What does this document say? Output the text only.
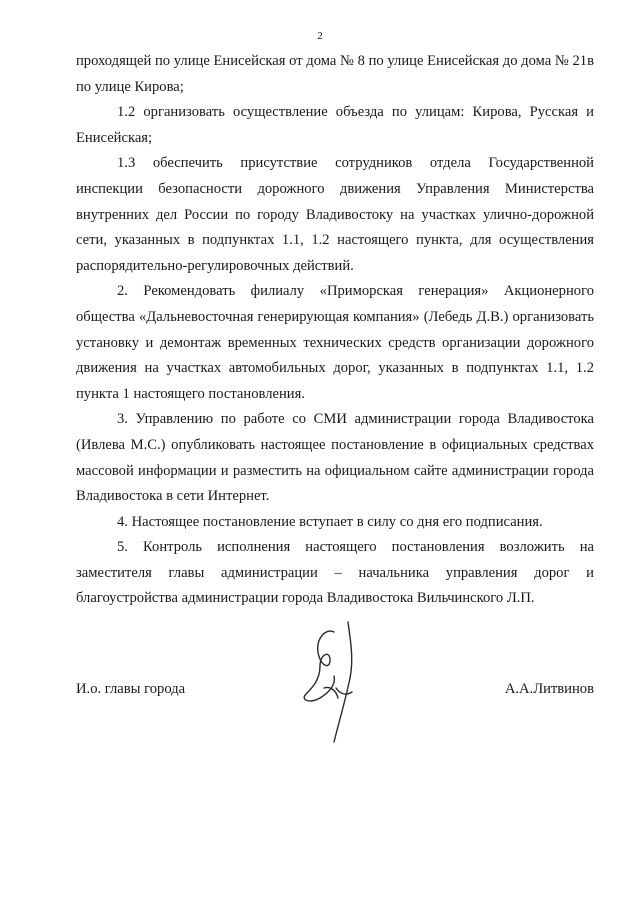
2

проходящей по улице Енисейская от дома № 8 по улице Енисейская до дома № 21в по улице Кирова;

1.2 организовать осуществление объезда по улицам: Кирова, Русская и Енисейская;

1.3 обеспечить присутствие сотрудников отдела Государственной инспекции безопасности дорожного движения Управления Министерства внутренних дел России по городу Владивостоку на участках улично-дорожной сети, указанных в подпунктах 1.1, 1.2 настоящего пункта, для осуществления распорядительно-регулировочных действий.

2. Рекомендовать филиалу «Приморская генерация» Акционерного общества «Дальневосточная генерирующая компания» (Лебедь Д.В.) организовать установку и демонтаж временных технических средств организации дорожного движения на участках автомобильных дорог, указанных в подпунктах 1.1, 1.2 пункта 1 настоящего постановления.

3. Управлению по работе со СМИ администрации города Владивостока (Ивлева М.С.) опубликовать настоящее постановление в официальных средствах массовой информации и разместить на официальном сайте администрации города Владивостока в сети Интернет.

4. Настоящее постановление вступает в силу со дня его подписания.

5. Контроль исполнения настоящего постановления возложить на заместителя главы администрации – начальника управления дорог и благоустройства администрации города Владивостока Вильчинского Л.П.

И.о. главы города	А.А.Литвинов
